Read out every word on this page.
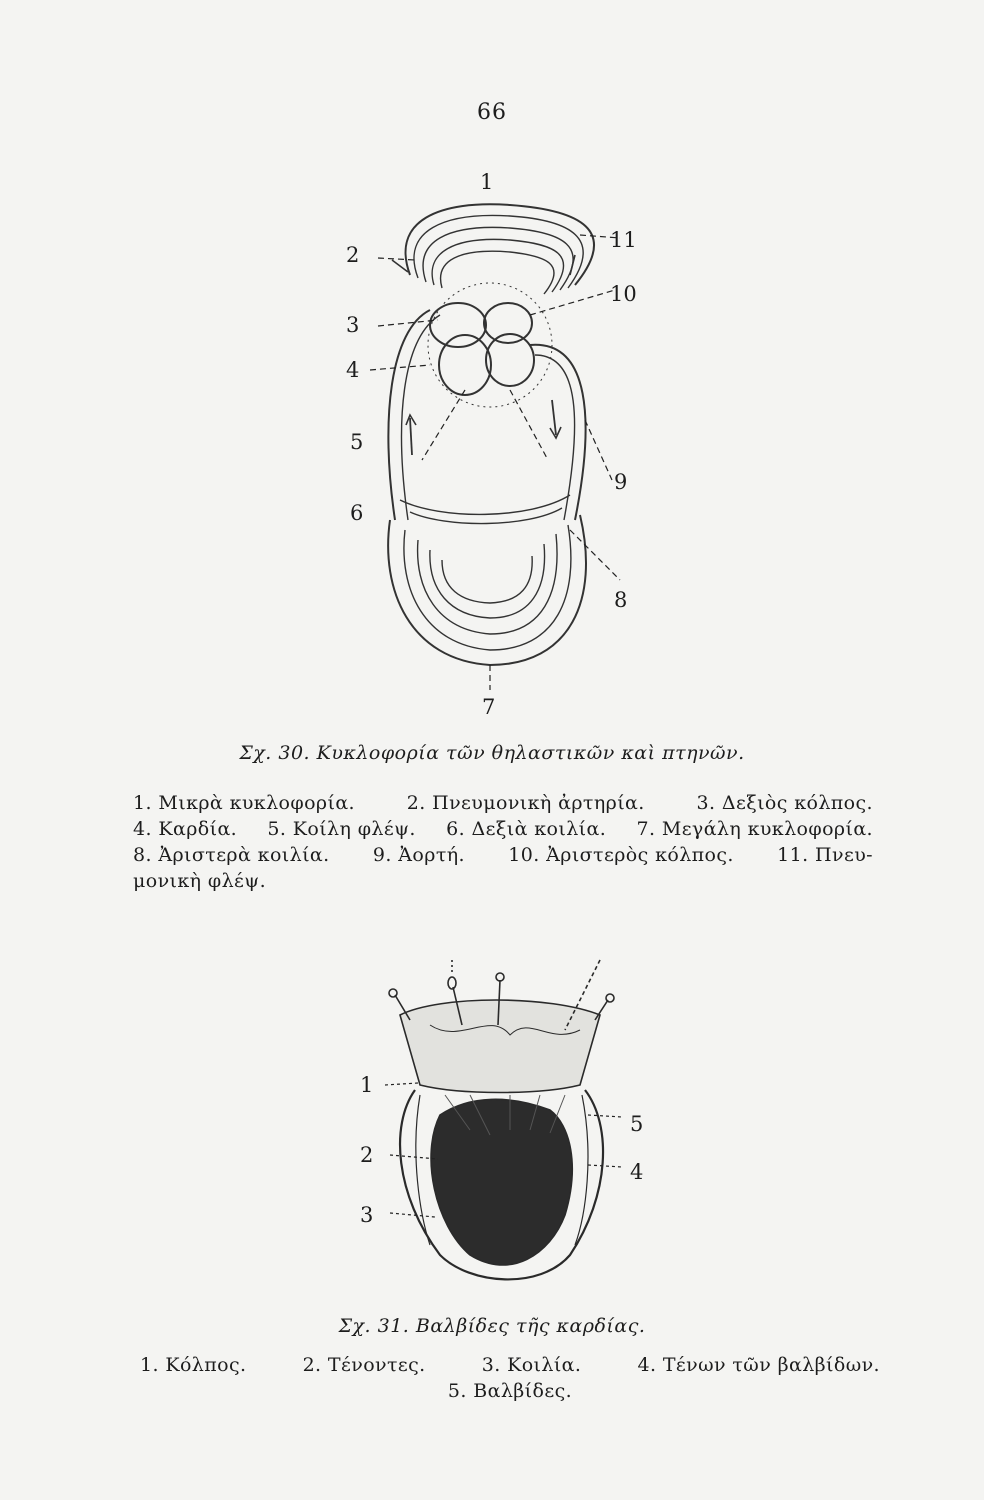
66
1
2
3
4
5
6
7
8
9
10
11
Σχ. 30. Κυκλοφορία τῶν θηλαστικῶν καὶ πτηνῶν.
1. Μικρὰ κυκλοφορία.	2. Πνευμονικὴ ἀρτηρία.	3. Δεξιὸς κόλπος.
4. Καρδία. 5. Κοίλη φλέψ. 6. Δεξιὰ κοιλία. 7. Μεγάλη κυκλοφορία.
8. Ἀριστερὰ κοιλία. 9. Ἀορτή. 10. Ἀριστερὸς κόλπος. 11. Πνευ-
μονικὴ φλέψ.
1
2
3
4
5
Σχ. 31. Βαλβίδες τῆς καρδίας.
1. Κόλπος.	2. Τένοντες.	3. Κοιλία.	4. Τένων τῶν βαλβίδων.
5. Βαλβίδες.
